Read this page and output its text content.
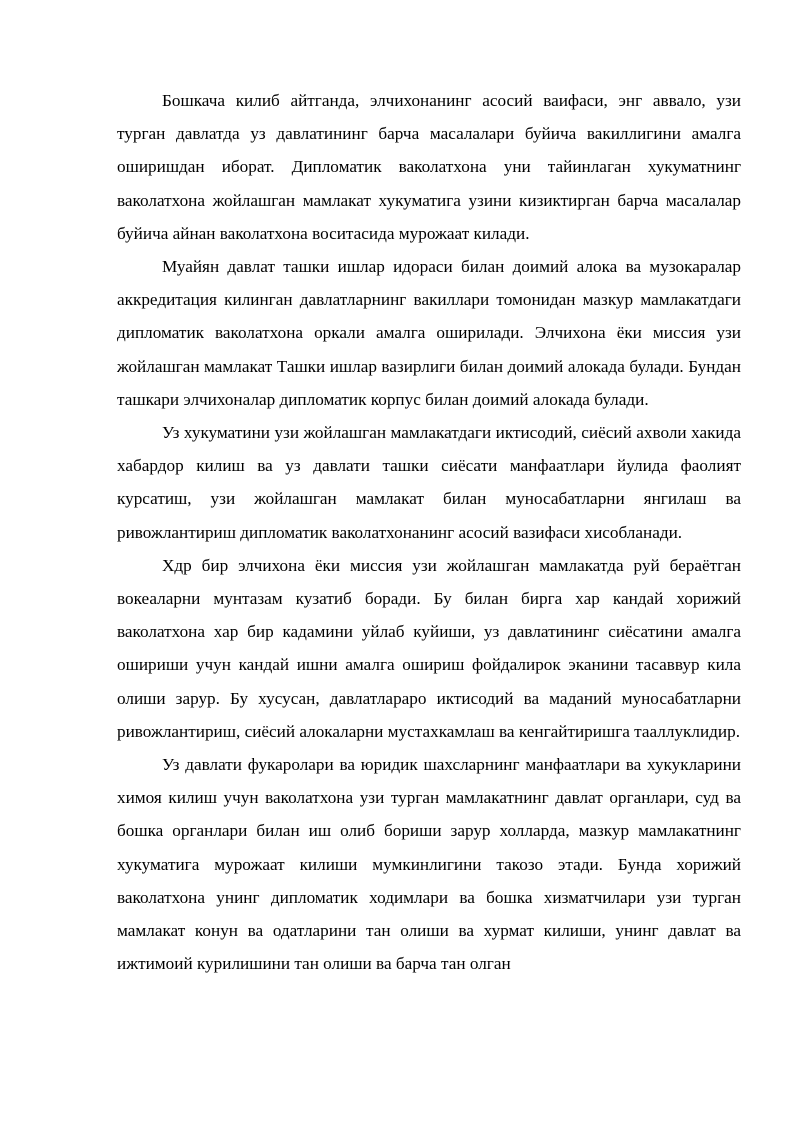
Бошкача килиб айтганда, элчихонанинг асосий ваифаси, энг аввало, узи турган давлатда уз давлатининг барча масалалари буйича вакиллигини амалга оширишдан иборат. Дипломатик ваколатхона уни тайинлаган хукуматнинг ваколатхона жойлашган мамлакат хукуматига узини кизиктирган барча масалалар буйича айнан ваколатхона воситасида мурожаат килади.

Муайян давлат ташки ишлар идораси билан доимий алока ва музокаралар аккредитация килинган давлатларнинг вакиллари томонидан мазкур мамлакатдаги дипломатик ваколатхона оркали амалга оширилади. Элчихона ёки миссия узи жойлашган мамлакат Ташки ишлар вазирлиги билан доимий алокада булади. Бундан ташкари элчихоналар дипломатик корпус билан доимий алокада булади.

Уз хукуматини узи жойлашган мамлакатдаги иктисодий, сиёсий ахволи хакида хабардор килиш ва уз давлати ташки сиёсати манфаатлари йулида фаолият курсатиш, узи жойлашган мамлакат билан муносабатларни янгилаш ва ривожлантириш дипломатик ваколатхонанинг асосий вазифаси хисобланади.

Хдр бир элчихона ёки миссия узи жойлашган мамлакатда руй бераётган вокеаларни мунтазам кузатиб боради. Бу билан бирга хар кандай хорижий ваколатхона хар бир кадамини уйлаб куйиши, уз давлатининг сиёсатини амалга ошириши учун кандай ишни амалга ошириш фойдалирок эканини тасаввур кила олиши зарур. Бу хусусан, давлатлараро иктисодий ва маданий муносабатларни ривожлантириш, сиёсий алокаларни мустахкамлаш ва кенгайтиришга тааллуклидир.

Уз давлати фукаролари ва юридик шахсларнинг манфаатлари ва хукукларини химоя килиш учун ваколатхона узи турган мамлакатнинг давлат органлари, суд ва бошка органлари билан иш олиб бориши зарур холларда, мазкур мамлакатнинг хукуматига мурожаат килиши мумкинлигини такозо этади. Бунда хорижий ваколатхона унинг дипломатик ходимлари ва бошка хизматчилари узи турган мамлакат конун ва одатларини тан олиши ва хурмат килиши, унинг давлат ва ижтимоий курилишини тан олиши ва барча тан олган
